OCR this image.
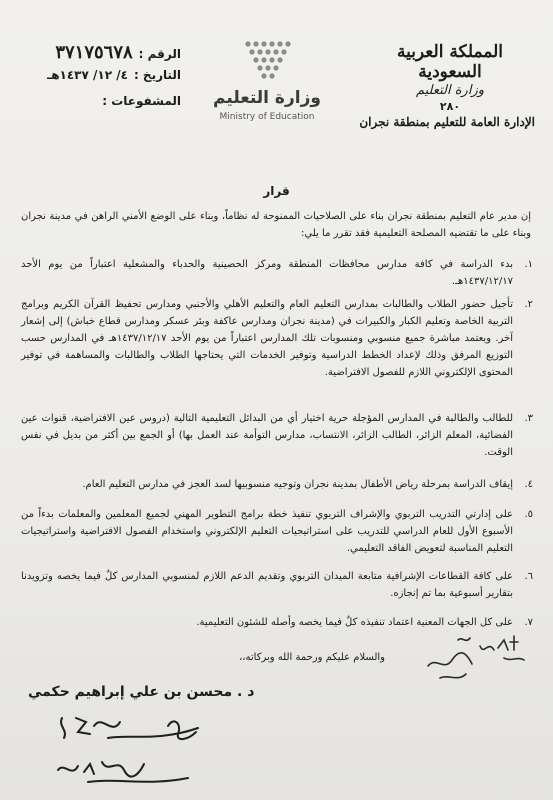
المملكة العربية السعودية
وزارة التعليم
٢٨٠
الإدارة العامة للتعليم بمنطقة نجران
وزارة التعليم
Ministry of Education
الرقم :
٣٧١٧٥٦٧٨
التاريخ :
٤/ ١٢/ ١٤٣٧هـ
المشفوعات :
قرار
إن مدير عام التعليم بمنطقة نجران بناء على الصلاحيات الممنوحة له نظاماً، وبناء على الوضع الأمني الراهن في مدينة نجران وبناء على ما تقتضيه المصلحة التعليمية فقد تقرر ما يلي:
١.
بدء الدراسة في كافة مدارس محافظات المنطقة ومركز الحصينية والحدباء والمشعلية اعتباراً من يوم الأحد ١٤٣٧/١٢/١٧هـ.
٢.
تأجيل حضور الطلاب والطالبات بمدارس التعليم العام والتعليم الأهلي والأجنبي ومدارس تحفيظ القرآن الكريم وبرامج التربية الخاصة وتعليم الكبار والكبيرات في (مدينة نجران ومدارس عاكفة وبئر عسكر ومدارس قطاع خباش) إلى إشعار آخر. ويعتمد مباشرة جميع منسوبي ومنسوبات تلك المدارس اعتباراً من يوم الأحد ١٤٣٧/١٢/١٧هـ في المدارس حسب التوزيع المرفق وذلك لإعداد الخطط الدراسية وتوفير الخدمات التي يحتاجها الطلاب والطالبات والمساهمة في توفير المحتوى الإلكتروني اللازم للفصول الافتراضية.
٣.
للطالب والطالبة في المدارس المؤجلة حرية اختيار أي من البدائل التعليمية التالية (دروس عين الافتراضية، قنوات عين الفضائية، المعلم الزائر، الطالب الزائر، الانتساب، مدارس التوأمة عند العمل بها) أو الجمع بين أكثر من بديل في نفس الوقت.
٤.
إيقاف الدراسة بمرحلة رياض الأطفال بمدينة نجران وتوجيه منسوبيها لسد العجز في مدارس التعليم العام.
٥.
على إدارتي التدريب التربوي والإشراف التربوي تنفيذ خطة برامج التطوير المهني لجميع المعلمين والمعلمات بدءاً من الأسبوع الأول للعام الدراسي للتدريب على استراتيجيات التعليم الإلكتروني واستخدام الفصول الافتراضية واستراتيجيات التعليم المناسبة لتعويض الفاقد التعليمي.
٦.
على كافة القطاعات الإشرافية متابعة الميدان التربوي وتقديم الدعم اللازم لمنسوبي المدارس كلٌ فيما يخصه وتزويدنا بتقارير أسبوعية بما تم إنجازه.
٧.
على كل الجهات المعنية اعتماد تنفيذه كلٌ فيما يخصه وأصله للشئون التعليمية.
والسلام عليكم ورحمة الله وبركاته،،
د . محسن بن علي إبراهيم حكمي
